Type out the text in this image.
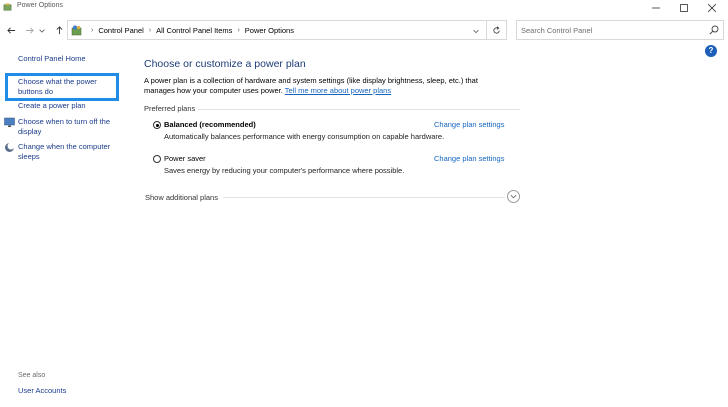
Power Options
› Control Panel › All Control Panel Items › Power Options
Search Control Panel
?
Control Panel Home
Choose what the power buttons do
Create a power plan
Choose when to turn off the display
Change when the computer sleeps
See also
User Accounts
Choose or customize a power plan
A power plan is a collection of hardware and system settings (like display brightness, sleep, etc.) that manages how your computer uses power. Tell me more about power plans
Preferred plans
Balanced (recommended)
Automatically balances performance with energy consumption on capable hardware.
Change plan settings
Power saver
Saves energy by reducing your computer's performance where possible.
Change plan settings
Show additional plans
